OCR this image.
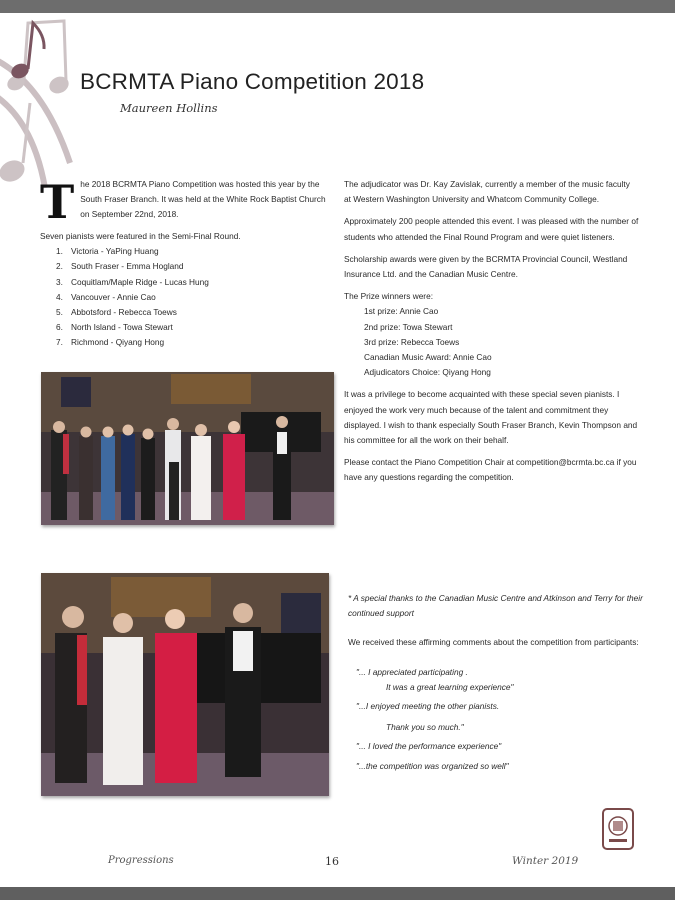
BCRMTA Piano Competition 2018
Maureen Hollins
T he 2018 BCRMTA Piano Competition was hosted this year by the South Fraser Branch. It was held at the White Rock Baptist Church on September 22nd, 2018.

Seven pianists were featured in the Semi-Final Round.

1. Victoria - YaPing Huang
2. South Fraser - Emma Hogland
3. Coquitlam/Maple Ridge - Lucas Hung
4. Vancouver - Annie Cao
5. Abbotsford - Rebecca Toews
6. North Island - Towa Stewart
7. Richmond - Qiyang Hong

The adjudicator was Dr. Kay Zavislak, currently a member of the music faculty at Western Washington University and Whatcom Community College.

Approximately 200 people attended this event. I was pleased with the number of students who attended the Final Round Program and were quiet listeners.

Scholarship awards were given by the BCRMTA Provincial Council, Westland Insurance Ltd. and the Canadian Music Centre.

The Prize winners were:

1st prize: Annie Cao
2nd prize: Towa Stewart
3rd prize: Rebecca Toews
Canadian Music Award: Annie Cao
Adjudicators Choice: Qiyang Hong

It was a privilege to become acquainted with these special seven pianists. I enjoyed the work very much because of the talent and commitment they displayed. I wish to thank especially South Fraser Branch, Kevin Thompson and his committee for all the work on their behalf.

Please contact the Piano Competition Chair at competition@bcrmta.bc.ca if you have any questions regarding the competition.

* A special thanks to the Canadian Music Centre and Atkinson and Terry for their continued support
We received these affirming comments about the competition from participants:
"... I appreciated participating .
It was a great learning experience"
"...I enjoyed meeting the other pianists.
Thank you so much."
"... I loved the performance experience"
"...the competition was organized so well"
Progressions	16	Winter 2019
